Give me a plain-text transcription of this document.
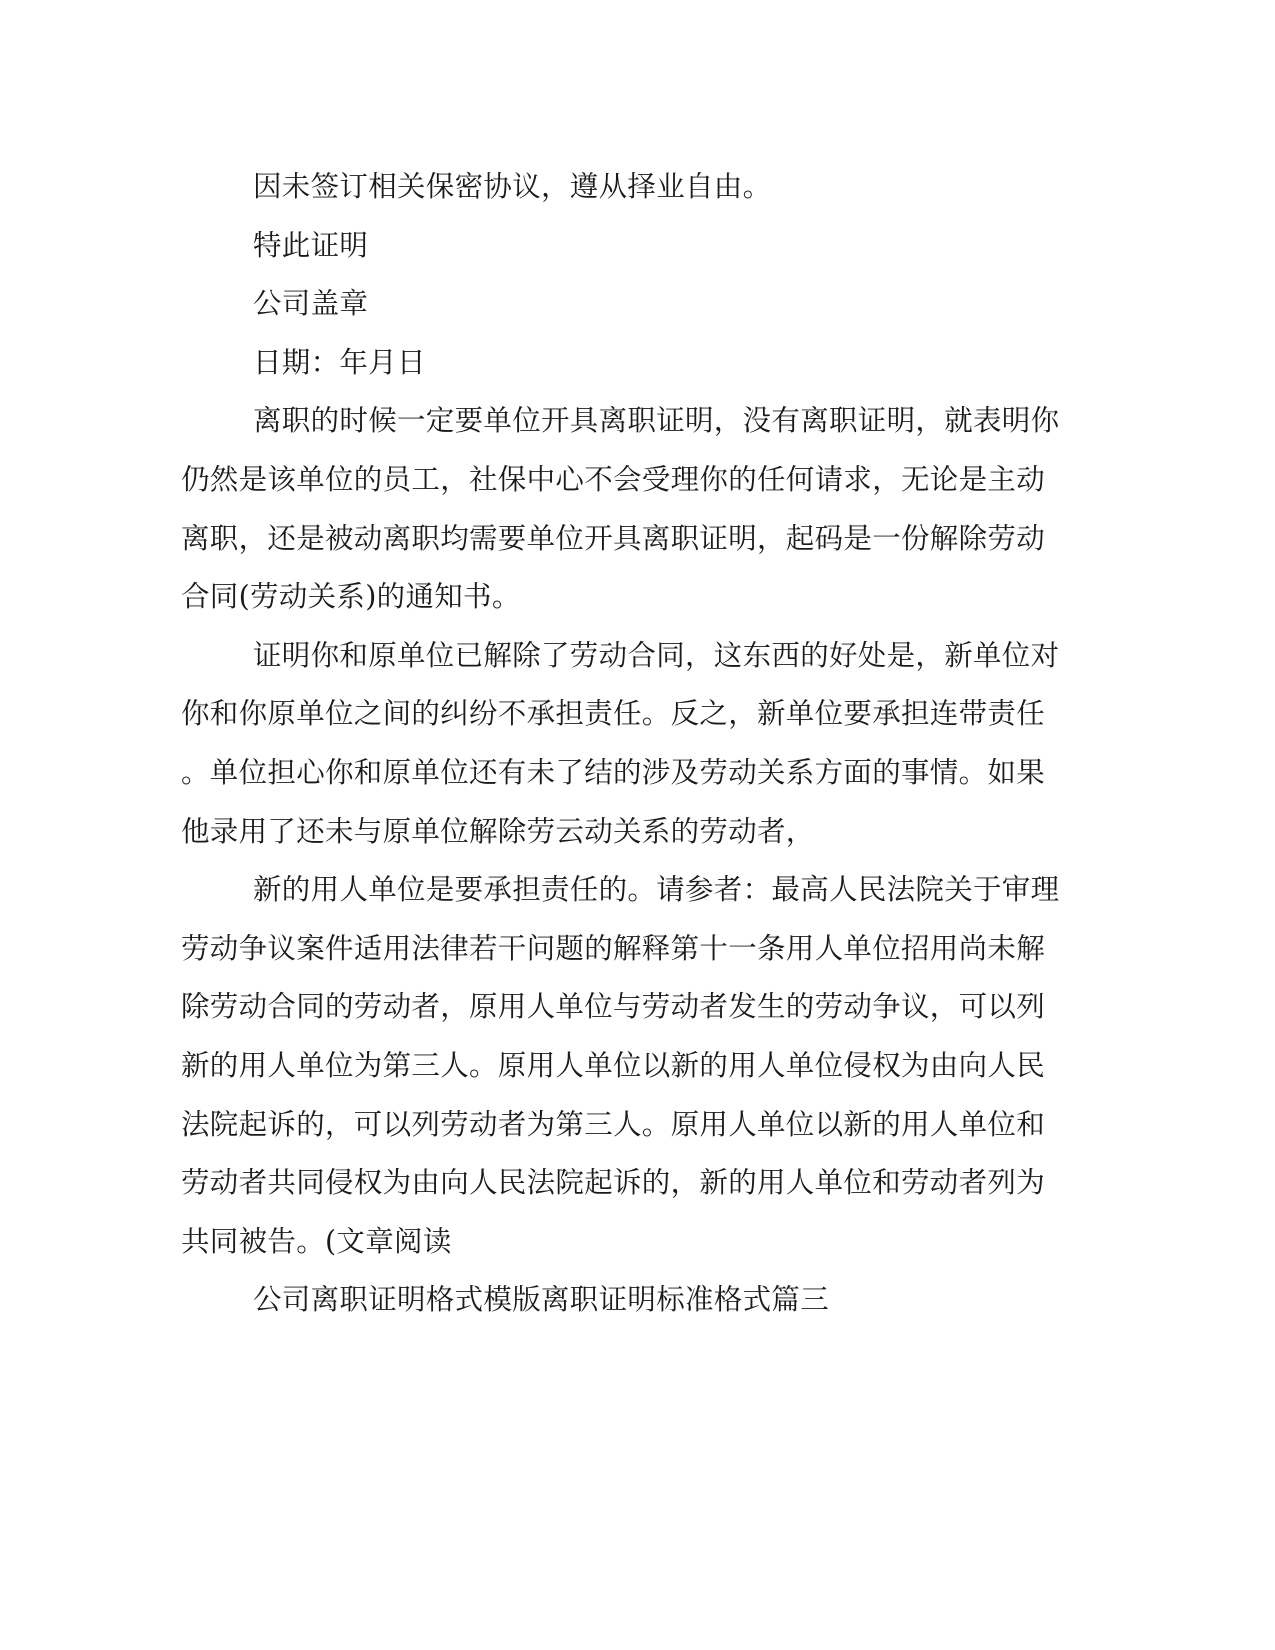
因未签订相关保密协议，遵从择业自由。
特此证明
公司盖章
日期：年月日
离职的时候一定要单位开具离职证明，没有离职证明，就表明你
仍然是该单位的员工，社保中心不会受理你的任何请求，无论是主动
离职，还是被动离职均需要单位开具离职证明，起码是一份解除劳动
合同(劳动关系)的通知书。
证明你和原单位已解除了劳动合同，这东西的好处是，新单位对
你和你原单位之间的纠纷不承担责任。反之，新单位要承担连带责任
。单位担心你和原单位还有未了结的涉及劳动关系方面的事情。如果
他录用了还未与原单位解除劳云动关系的劳动者，
新的用人单位是要承担责任的。请参者：最高人民法院关于审理
劳动争议案件适用法律若干问题的解释第十一条用人单位招用尚未解
除劳动合同的劳动者，原用人单位与劳动者发生的劳动争议，可以列
新的用人单位为第三人。原用人单位以新的用人单位侵权为由向人民
法院起诉的，可以列劳动者为第三人。原用人单位以新的用人单位和
劳动者共同侵权为由向人民法院起诉的，新的用人单位和劳动者列为
共同被告。(文章阅读
公司离职证明格式模版离职证明标准格式篇三
